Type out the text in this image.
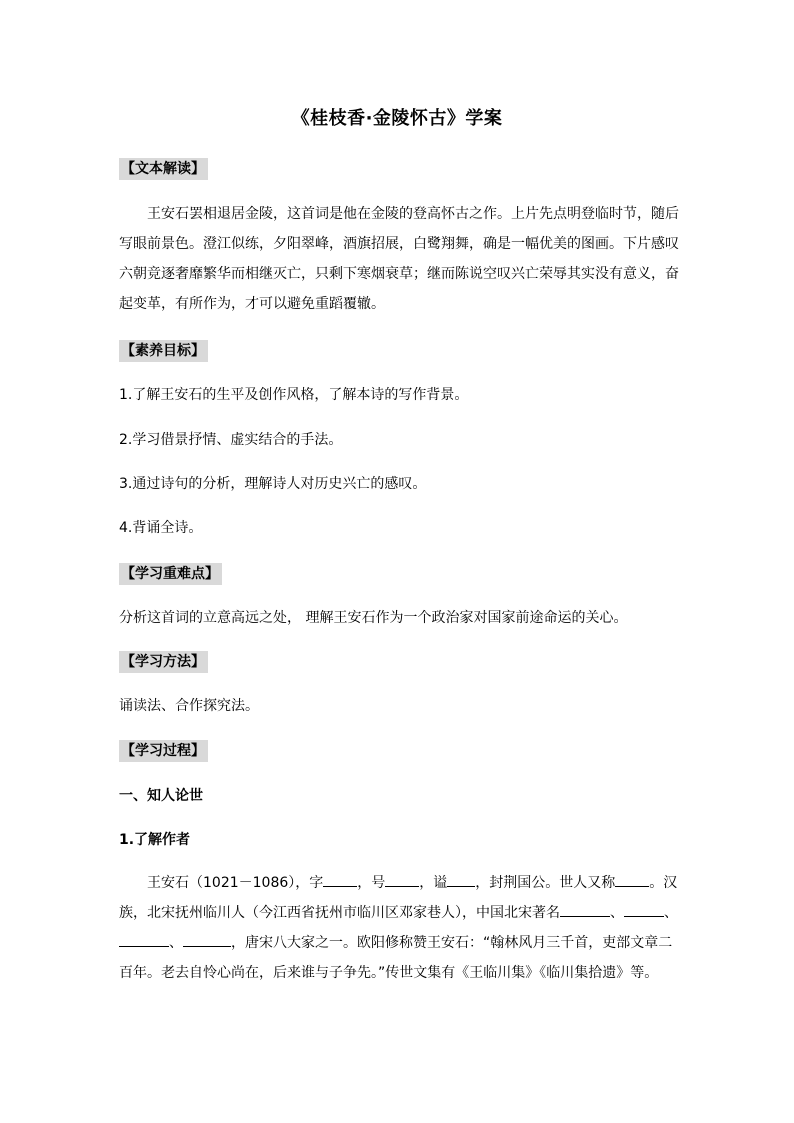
《桂枝香·金陵怀古》学案
【文本解读】

王安石罢相退居金陵，这首词是他在金陵的登高怀古之作。上片先点明登临时节，随后写眼前景色。澄江似练，夕阳翠峰，酒旗招展，白鹭翔舞，确是一幅优美的图画。下片感叹六朝竞逐奢靡繁华而相继灭亡，只剩下寒烟衰草；继而陈说空叹兴亡荣辱其实没有意义，奋起变革，有所作为，才可以避免重蹈覆辙。

【素养目标】
1.了解王安石的生平及创作风格，了解本诗的写作背景。
2.学习借景抒情、虚实结合的手法。
3.通过诗句的分析，理解诗人对历史兴亡的感叹。
4.背诵全诗。
【学习重难点】
分析这首词的立意高远之处， 理解王安石作为一个政治家对国家前途命运的关心。
【学习方法】
诵读法、合作探究法。
【学习过程】
一、知人论世
1.了解作者

王安石（1021－1086），字 ，号 ，谥 ，封荆国公。世人又称 。汉族，北宋抚州临川人（今江西省抚州市临川区邓家巷人），中国北宋著名	、	、、	，唐宋八大家之一。欧阳修称赞王安石：“翰林风月三千首，吏部文章二百年。老去自怜心尚在，后来谁与子争先。”传世文集有《王临川集》《临川集拾遗》等。
